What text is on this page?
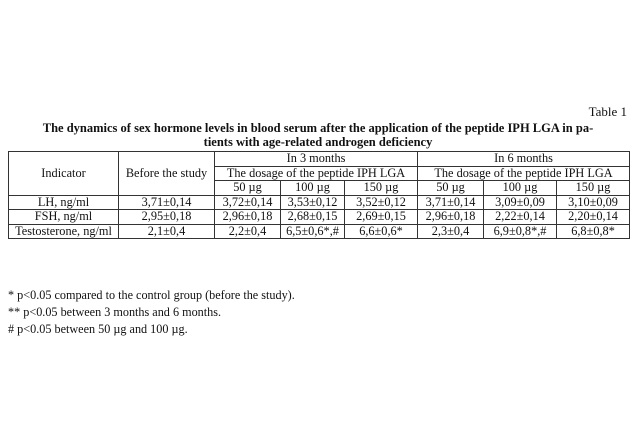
Table 1
The dynamics of sex hormone levels in blood serum after the application of the peptide IPH LGA in pa-
tients with age-related androgen deficiency
Indicator	Before the study	In 3 months			In 6 months		
		The dosage of the peptide IPH LGA			The dosage of the peptide IPH LGA		
		50 µg	100 µg	150 µg	50 µg	100 µg	150 µg
LH, ng/ml	3,71±0,14	3,72±0,14	3,53±0,12	3,52±0,12	3,71±0,14	3,09±0,09	3,10±0,09
FSH, ng/ml	2,95±0,18	2,96±0,18	2,68±0,15	2,69±0,15	2,96±0,18	2,22±0,14	2,20±0,14
Testosterone, ng/ml	2,1±0,4	2,2±0,4	6,5±0,6*,#	6,6±0,6*	2,3±0,4	6,9±0,8*,#	6,8±0,8*
* p<0.05 compared to the control group (before the study).
** p<0.05 between 3 months and 6 months.
# p<0.05 between 50 µg and 100 µg.
